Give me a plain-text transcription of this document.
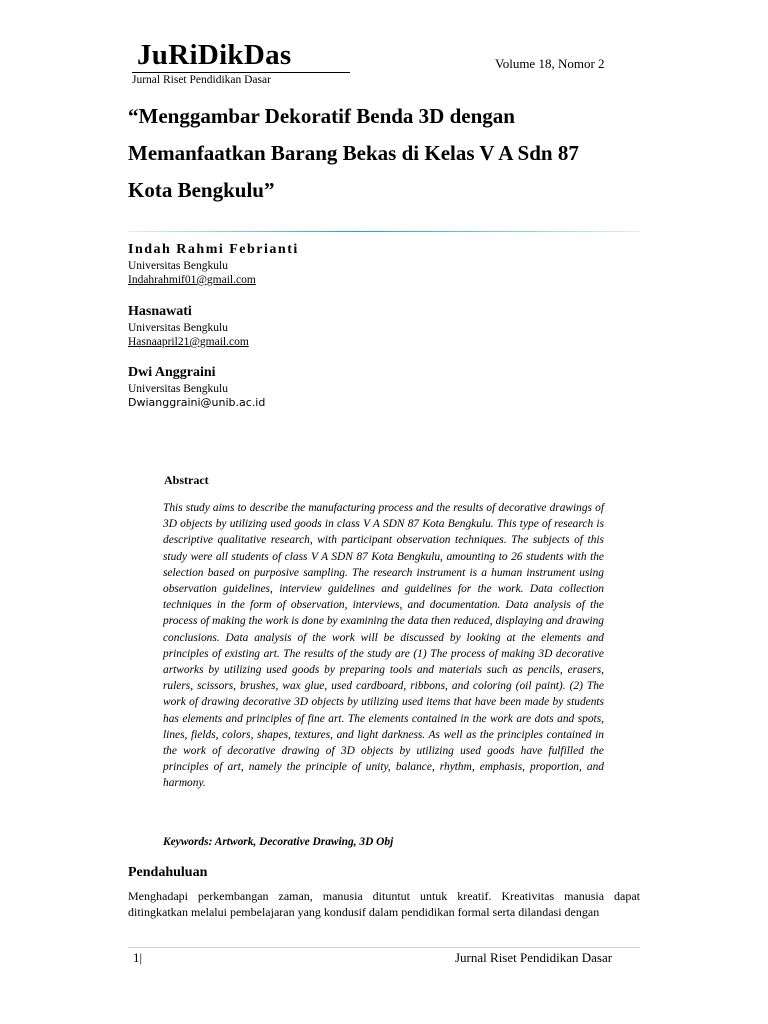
JuRiDikDas
Jurnal Riset Pendidikan Dasar
Volume 18, Nomor 2
“Menggambar Dekoratif Benda 3D dengan
Memanfaatkan Barang Bekas di Kelas V A Sdn 87
Kota Bengkulu”
Indah Rahmi Febrianti
Universitas Bengkulu
Indahrahmif01@gmail.com
Hasnawati
Universitas Bengkulu
Hasnaapril21@gmail.com
Dwi Anggraini
Universitas Bengkulu
Dwianggraini@unib.ac.id
Abstract
This study aims to describe the manufacturing process and the results of decorative drawings of 3D objects by utilizing used goods in class V A SDN 87 Kota Bengkulu. This type of research is descriptive qualitative research, with participant observation techniques. The subjects of this study were all students of class V A SDN 87 Kota Bengkulu, amounting to 26 students with the selection based on purposive sampling. The research instrument is a human instrument using observation guidelines, interview guidelines and guidelines for the work. Data collection techniques in the form of observation, interviews, and documentation. Data analysis of the process of making the work is done by examining the data then reduced, displaying and drawing conclusions. Data analysis of the work will be discussed by looking at the elements and principles of existing art. The results of the study are (1) The process of making 3D decorative artworks by utilizing used goods by preparing tools and materials such as pencils, erasers, rulers, scissors, brushes, wax glue, used cardboard, ribbons, and coloring (oil paint). (2) The work of drawing decorative 3D objects by utilizing used items that have been made by students has elements and principles of fine art. The elements contained in the work are dots and spots, lines, fields, colors, shapes, textures, and light darkness. As well as the principles contained in the work of decorative drawing of 3D objects by utilizing used goods have fulfilled the principles of art, namely the principle of unity, balance, rhythm, emphasis, proportion, and harmony.
Keywords: Artwork, Decorative Drawing, 3D Obj
Pendahuluan
Menghadapi perkembangan zaman, manusia dituntut untuk kreatif. Kreativitas manusia dapat ditingkatkan melalui pembelajaran yang kondusif dalam pendidikan formal serta dilandasi dengan
1|	Jurnal Riset Pendidikan Dasar
